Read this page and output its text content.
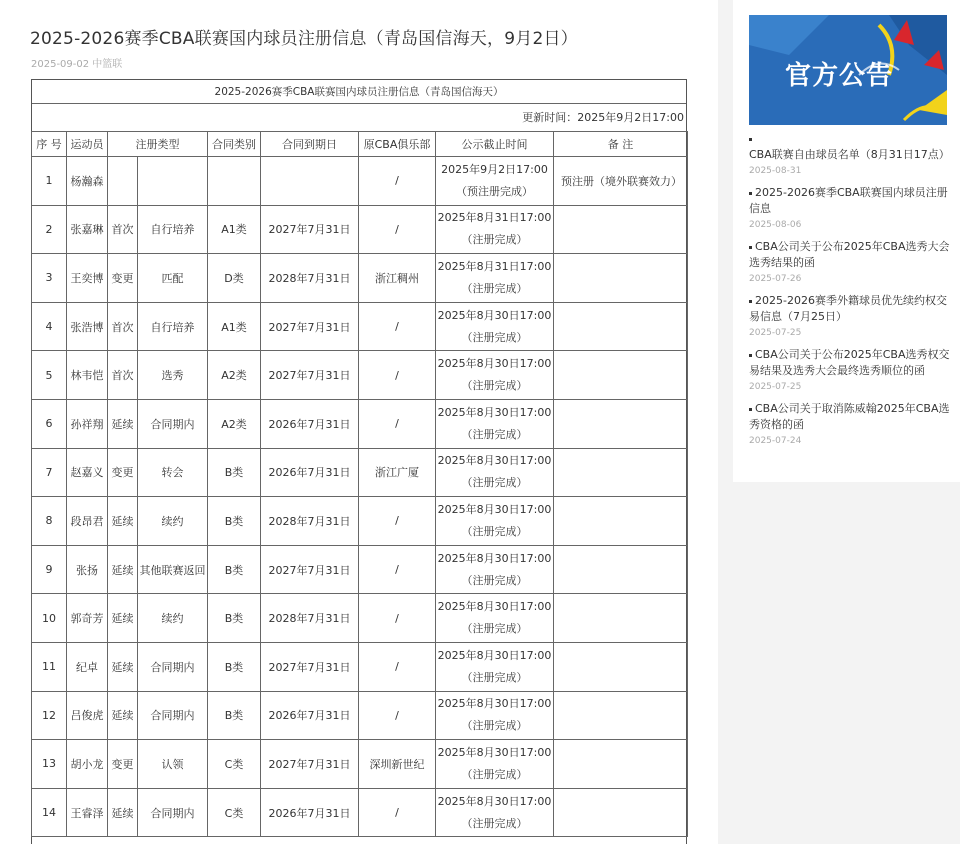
2025-2026赛季CBA联赛国内球员注册信息（青岛国信海天，9月2日）
2025-09-02 中篮联
2025-2026赛季CBA联赛国内球员注册信息（青岛国信海天）
更新时间：2025年9月2日17:00
序 号	运动员	注册类型		合同类别	合同到期日	原CBA俱乐部	公示截止时间	备 注
1	杨瀚森					/	2025年9月2日17:00
（预注册完成）	预注册（境外联赛效力）
2	张嘉琳	首次	自行培养	A1类	2027年7月31日	/	2025年8月31日17:00
（注册完成）	

3	王奕博	变更	匹配	D类	2028年7月31日	浙江稠州	2025年8月31日17:00
（注册完成）	

4	张浩博	首次	自行培养	A1类	2027年7月31日	/	2025年8月30日17:00
（注册完成）	

5	林韦恺	首次	选秀	A2类	2027年7月31日	/	2025年8月30日17:00
（注册完成）	

6	孙祥翔	延续	合同期内	A2类	2026年7月31日	/	2025年8月30日17:00
（注册完成）	

7	赵嘉义	变更	转会	B类	2026年7月31日	浙江广厦	2025年8月30日17:00
（注册完成）	

8	段昂君	延续	续约	B类	2028年7月31日	/	2025年8月30日17:00
（注册完成）	

9	张扬	延续	其他联赛返回	B类	2027年7月31日	/	2025年8月30日17:00
（注册完成）	

10	郭奇芳	延续	续约	B类	2028年7月31日	/	2025年8月30日17:00
（注册完成）	

11	纪卓	延续	合同期内	B类	2027年7月31日	/	2025年8月30日17:00
（注册完成）	

12	吕俊虎	延续	合同期内	B类	2026年7月31日	/	2025年8月30日17:00
（注册完成）	

13	胡小龙	变更	认领	C类	2027年7月31日	深圳新世纪	2025年8月30日17:00
（注册完成）	

14	王睿泽	延续	合同期内	C类	2026年7月31日	/	2025年8月30日17:00
（注册完成）	

官方公告
CBA联赛自由球员名单（8月31日17点）
2025-08-31
2025-2026赛季CBA联赛国内球员注册信息
2025-08-06
CBA公司关于公布2025年CBA选秀大会选秀结果的函
2025-07-26
2025-2026赛季外籍球员优先续约权交易信息（7月25日）
2025-07-25
CBA公司关于公布2025年CBA选秀权交易结果及选秀大会最终选秀顺位的函
2025-07-25
CBA公司关于取消陈威翰2025年CBA选秀资格的函
2025-07-24
